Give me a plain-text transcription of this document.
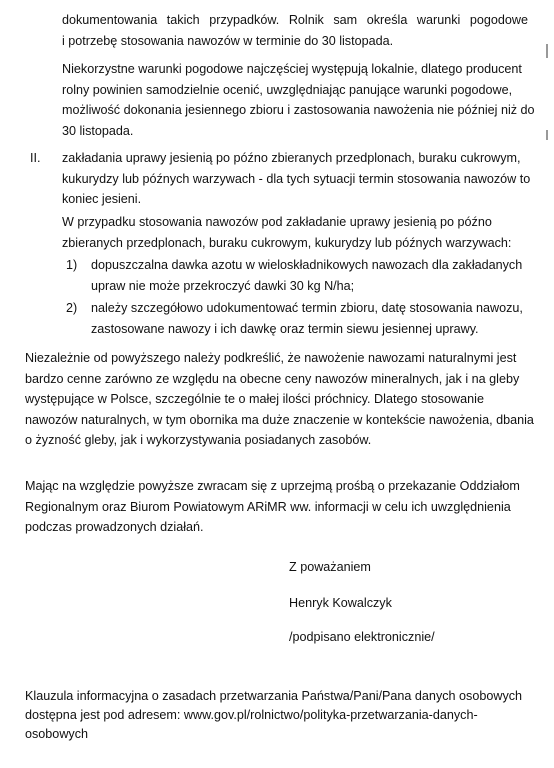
dokumentowania takich przypadków. Rolnik sam określa warunki pogodowe
i potrzebę stosowania nawozów w terminie do 30 listopada.
Niekorzystne warunki pogodowe najczęściej występują lokalnie, dlatego producent
rolny powinien samodzielnie ocenić, uwzględniając panujące warunki pogodowe,
możliwość dokonania jesiennego zbioru i zastosowania nawożenia nie później niż do
30 listopada.
II. zakładania uprawy jesienią po późno zbieranych przedplonach, buraku cukrowym,
kukurydzy lub późnych warzywach - dla tych sytuacji termin stosowania nawozów to
koniec jesieni.
W przypadku stosowania nawozów pod zakładanie uprawy jesienią po późno
zbieranych przedplonach, buraku cukrowym, kukurydzy lub późnych warzywach:
1) dopuszczalna dawka azotu w wieloskładnikowych nawozach dla zakładanych
upraw nie może przekroczyć dawki 30 kg N/ha;
2) należy szczegółowo udokumentować termin zbioru, datę stosowania nawozu,
zastosowane nawozy i ich dawkę oraz termin siewu jesiennej uprawy.
Niezależnie od powyższego należy podkreślić, że nawożenie nawozami naturalnymi jest
bardzo cenne zarówno ze względu na obecne ceny nawozów mineralnych, jak i na gleby
występujące w Polsce, szczególnie te o małej ilości próchnicy. Dlatego stosowanie
nawozów naturalnych, w tym obornika ma duże znaczenie w kontekście nawożenia, dbania
o żyzność gleby, jak i wykorzystywania posiadanych zasobów.
Mając na względzie powyższe zwracam się z uprzejmą prośbą o przekazanie Oddziałom
Regionalnym oraz Biurom Powiatowym ARiMR ww. informacji w celu ich uwzględnienia
podczas prowadzonych działań.
Z poważaniem
Henryk Kowalczyk
/podpisano elektronicznie/
Klauzula informacyjna o zasadach przetwarzania Państwa/Pani/Pana danych osobowych
dostępna jest pod adresem: www.gov.pl/rolnictwo/polityka-przetwarzania-danych-
osobowych
